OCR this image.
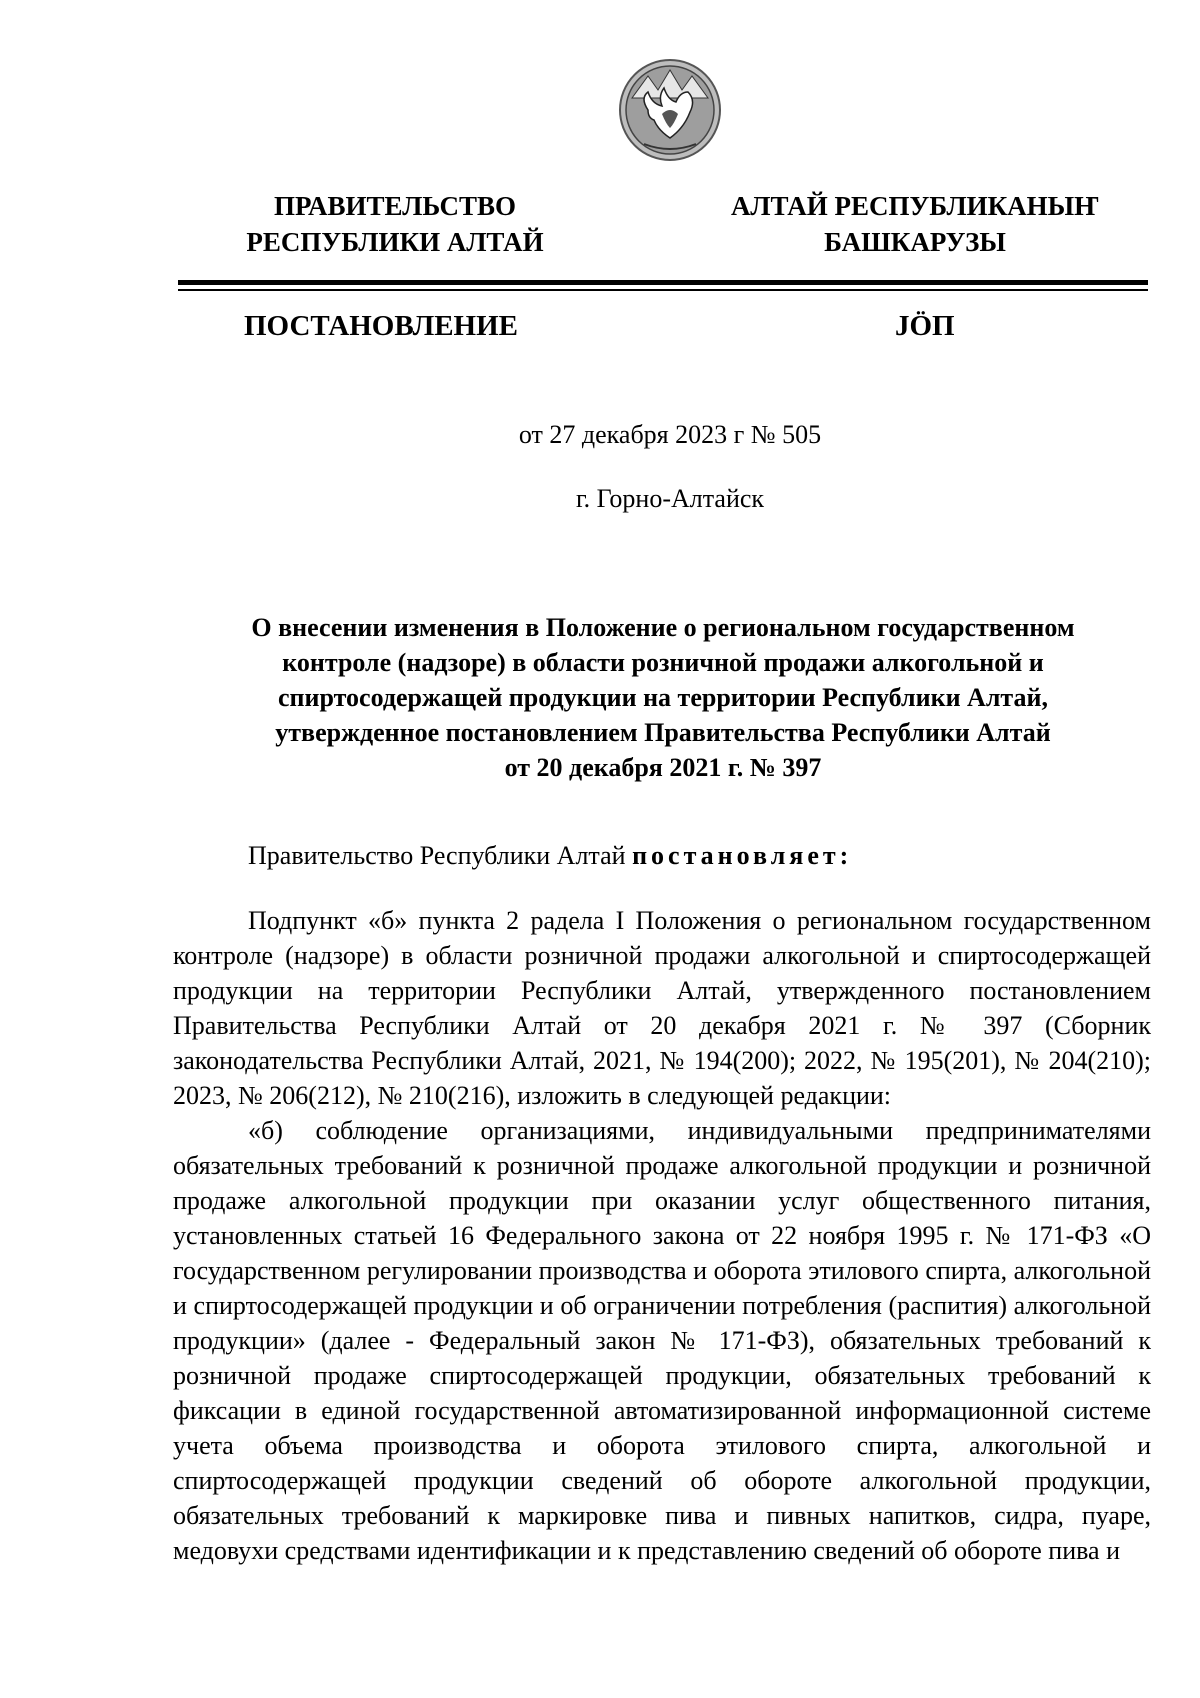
ПРАВИТЕЛЬСТВО
РЕСПУБЛИКИ АЛТАЙ
АЛТАЙ РЕСПУБЛИКАНЫҤ
БАШКАРУЗЫ
ПОСТАНОВЛЕНИЕ	JӦП
от 27 декабря 2023 г № 505
г. Горно-Алтайск
О внесении изменения в Положение о региональном государственном
контроле (надзоре) в области розничной продажи алкогольной и
спиртосодержащей продукции на территории Республики Алтай,
утвержденное постановлением Правительства Республики Алтай
от 20 декабря 2021 г. № 397

Правительство Республики Алтай постановляет:

Подпункт «б» пункта 2 радела I Положения о региональном государственном контроле (надзоре) в области розничной продажи алкогольной и спиртосодержащей продукции на территории Республики Алтай, утвержденного постановлением Правительства Республики Алтай от 20 декабря 2021 г. № 397 (Сборник законодательства Республики Алтай, 2021, № 194(200); 2022, № 195(201), № 204(210); 2023, № 206(212), № 210(216), изложить в следующей редакции:

«б) соблюдение организациями, индивидуальными предпринимателями обязательных требований к розничной продаже алкогольной продукции и розничной продаже алкогольной продукции при оказании услуг общественного питания, установленных статьей 16 Федерального закона от 22 ноября 1995 г. № 171-ФЗ «О государственном регулировании производства и оборота этилового спирта, алкогольной и спиртосодержащей продукции и об ограничении потребления (распития) алкогольной продукции» (далее - Федеральный закон № 171-ФЗ), обязательных требований к розничной продаже спиртосодержащей продукции, обязательных требований к фиксации в единой государственной автоматизированной информационной системе учета объема производства и оборота этилового спирта, алкогольной и спиртосодержащей продукции сведений об обороте алкогольной продукции, обязательных требований к маркировке пива и пивных напитков, сидра, пуаре, медовухи средствами идентификации и к представлению сведений об обороте пива и
